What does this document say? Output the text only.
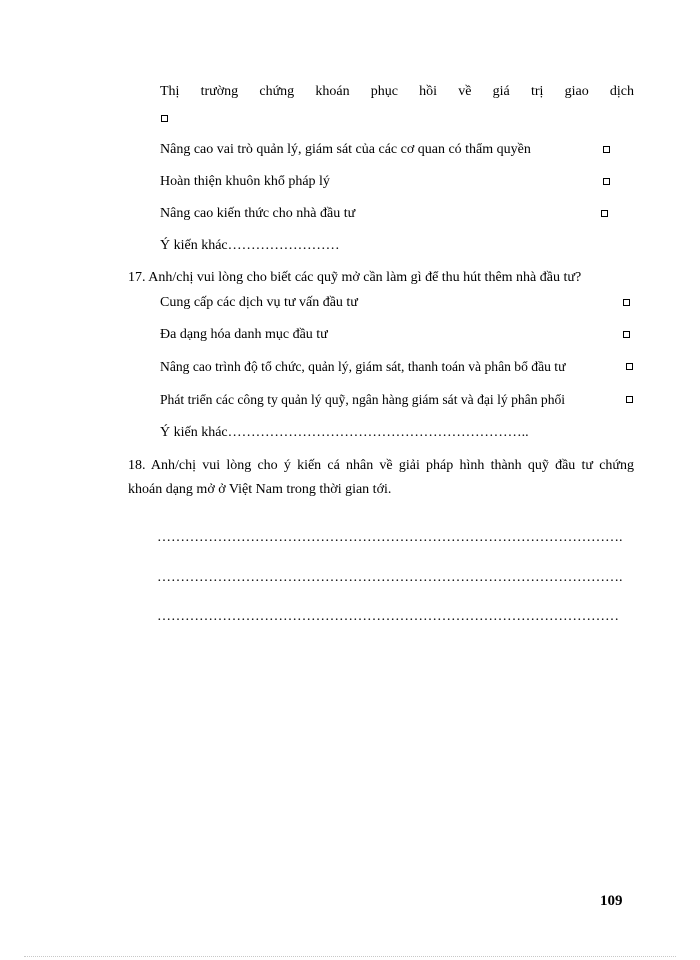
Thị trường chứng khoán phục hồi về giá trị giao dịch
Nâng cao vai trò quản lý, giám sát của các cơ quan có thẩm quyền
Hoàn thiện khuôn khổ pháp lý
Nâng cao kiến thức cho nhà đầu tư
Ý kiến khác……………………
17. Anh/chị vui lòng cho biết các quỹ mở cần làm gì để thu hút thêm nhà đầu tư?
Cung cấp các dịch vụ tư vấn đầu tư
Đa dạng hóa danh mục đầu tư
Nâng cao trình độ tổ chức, quản lý, giám sát, thanh toán và phân bổ đầu tư
Phát triển các công ty quản lý quỹ, ngân hàng giám sát và đại lý phân phối
Ý kiến khác………………………………………………………..
18. Anh/chị vui lòng cho ý kiến cá nhân về giải pháp hình thành quỹ đầu tư chứng
khoán dạng mở ở Việt Nam trong thời gian tới.
……………………………………………………………………………………….
……………………………………………………………………………………….
………………………………………………………………………………………
109
